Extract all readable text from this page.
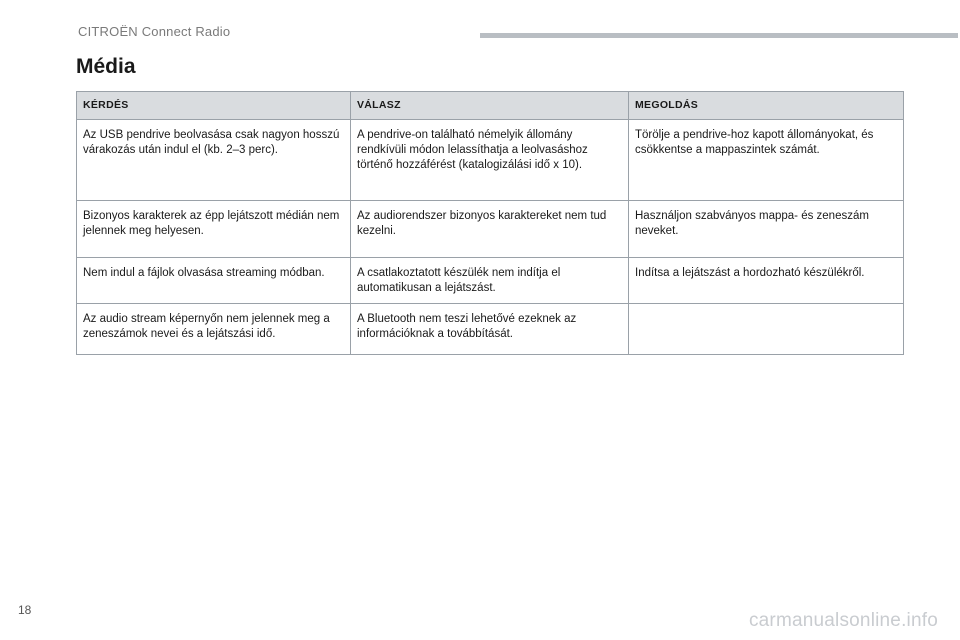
CITROËN Connect Radio
Média
KÉRDÉS	VÁLASZ	MEGOLDÁS
Az USB pendrive beolvasása csak nagyon hosszú várakozás után indul el (kb. 2–3 perc).	A pendrive-on található némelyik állomány rendkívüli módon lelassíthatja a leolvasáshoz történő hozzáférést (katalogizálási idő x 10).	Törölje a pendrive-hoz kapott állományokat, és csökkentse a mappaszintek számát.
Bizonyos karakterek az épp lejátszott médián nem jelennek meg helyesen.	Az audiorendszer bizonyos karaktereket nem tud kezelni.	Használjon szabványos mappa- és zeneszám neveket.
Nem indul a fájlok olvasása streaming módban.	A csatlakoztatott készülék nem indítja el automatikusan a lejátszást.	Indítsa a lejátszást a hordozható készülékről.
Az audio stream képernyőn nem jelennek meg a zeneszámok nevei és a lejátszási idő.	A Bluetooth nem teszi lehetővé ezeknek az információknak a továbbítását.	
18	carmanualsonline.info
